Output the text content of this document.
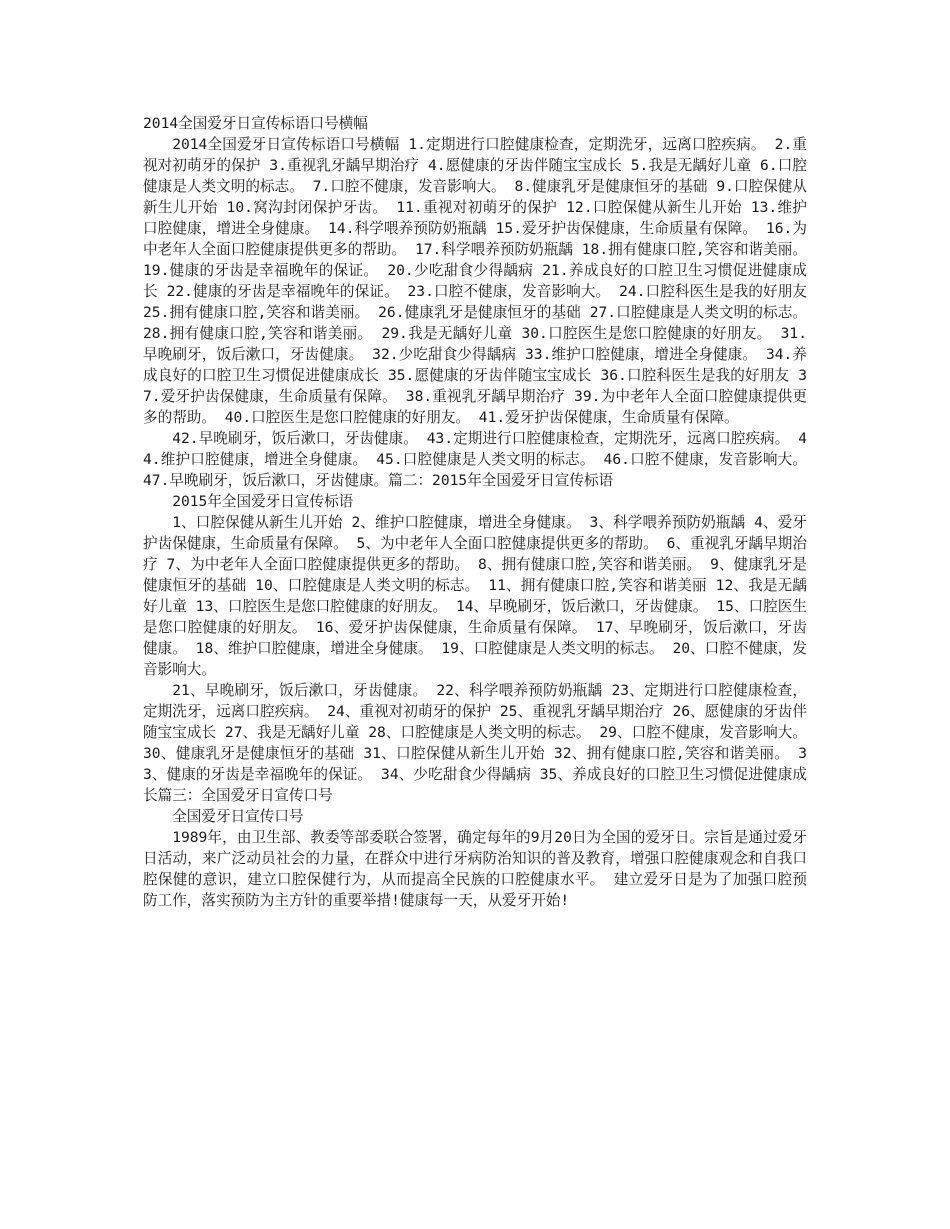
2014全国爱牙日宣传标语口号横幅

2014全国爱牙日宣传标语口号横幅 1.定期进行口腔健康检查，定期洗牙，远离口腔疾病。 2.重视对初萌牙的保护 3.重视乳牙龋早期治疗 4.愿健康的牙齿伴随宝宝成长 5.我是无龋好儿童 6.口腔健康是人类文明的标志。 7.口腔不健康，发音影响大。 8.健康乳牙是健康恒牙的基础 9.口腔保健从新生儿开始 10.窝沟封闭保护牙齿。 11.重视对初萌牙的保护 12.口腔保健从新生儿开始 13.维护口腔健康，增进全身健康。 14.科学喂养预防奶瓶龋 15.爱牙护齿保健康，生命质量有保障。 16.为中老年人全面口腔健康提供更多的帮助。 17.科学喂养预防奶瓶龋 18.拥有健康口腔,笑容和谐美丽。 19.健康的牙齿是幸福晚年的保证。 20.少吃甜食少得龋病 21.养成良好的口腔卫生习惯促进健康成长 22.健康的牙齿是幸福晚年的保证。 23.口腔不健康，发音影响大。 24.口腔科医生是我的好朋友 25.拥有健康口腔,笑容和谐美丽。 26.健康乳牙是健康恒牙的基础 27.口腔健康是人类文明的标志。 28.拥有健康口腔,笑容和谐美丽。 29.我是无龋好儿童 30.口腔医生是您口腔健康的好朋友。 31.早晚刷牙，饭后漱口，牙齿健康。 32.少吃甜食少得龋病 33.维护口腔健康，增进全身健康。 34.养成良好的口腔卫生习惯促进健康成长 35.愿健康的牙齿伴随宝宝成长 36.口腔科医生是我的好朋友 37.爱牙护齿保健康，生命质量有保障。 38.重视乳牙龋早期治疗 39.为中老年人全面口腔健康提供更多的帮助。 40.口腔医生是您口腔健康的好朋友。 41.爱牙护齿保健康，生命质量有保障。

42.早晚刷牙，饭后漱口，牙齿健康。 43.定期进行口腔健康检查，定期洗牙，远离口腔疾病。 44.维护口腔健康，增进全身健康。 45.口腔健康是人类文明的标志。 46.口腔不健康，发音影响大。 47.早晚刷牙，饭后漱口，牙齿健康。篇二：2015年全国爱牙日宣传标语

2015年全国爱牙日宣传标语

1、口腔保健从新生儿开始 2、维护口腔健康，增进全身健康。 3、科学喂养预防奶瓶龋 4、爱牙护齿保健康，生命质量有保障。 5、为中老年人全面口腔健康提供更多的帮助。 6、重视乳牙龋早期治疗 7、为中老年人全面口腔健康提供更多的帮助。 8、拥有健康口腔,笑容和谐美丽。 9、健康乳牙是健康恒牙的基础 10、口腔健康是人类文明的标志。 11、拥有健康口腔,笑容和谐美丽 12、我是无龋好儿童 13、口腔医生是您口腔健康的好朋友。 14、早晚刷牙，饭后漱口，牙齿健康。 15、口腔医生是您口腔健康的好朋友。 16、爱牙护齿保健康，生命质量有保障。 17、早晚刷牙，饭后漱口，牙齿健康。 18、维护口腔健康，增进全身健康。 19、口腔健康是人类文明的标志。 20、口腔不健康，发音影响大。

21、早晚刷牙，饭后漱口，牙齿健康。 22、科学喂养预防奶瓶龋 23、定期进行口腔健康检查，定期洗牙，远离口腔疾病。 24、重视对初萌牙的保护 25、重视乳牙龋早期治疗 26、愿健康的牙齿伴随宝宝成长 27、我是无龋好儿童 28、口腔健康是人类文明的标志。 29、口腔不健康，发音影响大。 30、健康乳牙是健康恒牙的基础 31、口腔保健从新生儿开始 32、拥有健康口腔,笑容和谐美丽。 33、健康的牙齿是幸福晚年的保证。 34、少吃甜食少得龋病 35、养成良好的口腔卫生习惯促进健康成长篇三：全国爱牙日宣传口号

全国爱牙日宣传口号

1989年，由卫生部、教委等部委联合签署，确定每年的9月20日为全国的爱牙日。宗旨是通过爱牙日活动，来广泛动员社会的力量，在群众中进行牙病防治知识的普及教育，增强口腔健康观念和自我口腔保健的意识，建立口腔保健行为，从而提高全民族的口腔健康水平。 建立爱牙日是为了加强口腔预防工作，落实预防为主方针的重要举措!健康每一天，从爱牙开始!
